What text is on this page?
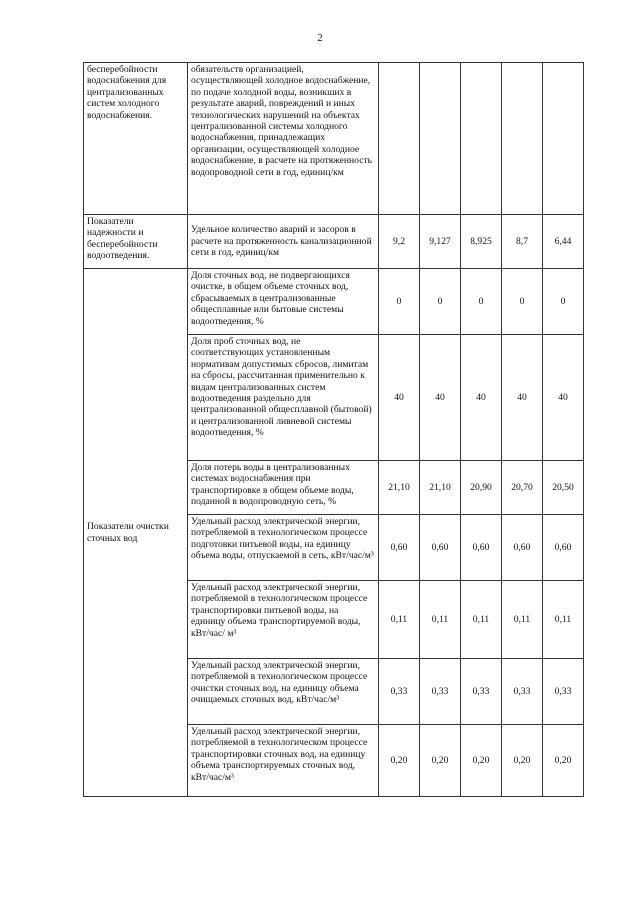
2
бесперебойности водоснабжения для централизованных систем холодного водоснабжения.	обязательств организацией, осуществляющей холодное водоснабжение, по подаче холодной воды, возникших в результате аварий, повреждений и иных технологических нарушений на объектах централизованной системы холодного водоснабжения, принадлежащих организации, осуществляющей холодное водоснабжение, в расчете на протяженность водопроводной сети в год, единиц/км					

Показатели надежности и бесперебойности водоотведения.	Удельное количество аварий и засоров в расчете на протяженность канализационной сети в год, единиц/км	9,2	9,127	8,925	8,7	6,44

Показатели очистки сточных вод	Доля сточных вод, не подвергающихся очистке, в общем объеме сточных вод, сбрасываемых в централизованные общесплавные или бытовые системы водоотведения, %	0	0	0	0	0
	Доля проб сточных вод, не соответствующих установленным нормативам допустимых сбросов, лимитам на сбросы, рассчитанная применительно к видам централизованных систем водоотведения раздельно для централизованной общесплавной (бытовой) и централизованной ливневой системы водоотведения, %	40	40	40	40	40
	Доля потерь воды в централизованных системах водоснабжения при транспортировке в общем объеме воды, поданной в водопроводную сеть, %	21,10	21,10	20,90	20,70	20,50
	Удельный расход электрической энергии, потребляемой в технологическом процессе подготовки питьевой воды, на единицу объема воды, отпускаемой в сеть, кВт/час/м³	0,60	0,60	0,60	0,60	0,60
	Удельный расход электрической энергии, потребляемой в технологическом процессе транспортировки питьевой воды, на единицу объема транспортируемой воды, кВт/час/ м³	0,11	0,11	0,11	0,11	0,11
	Удельный расход электрической энергии, потребляемой в технологическом процессе очистки сточных вод, на единицу объема очищаемых сточных вод, кВт/час/м³	0,33	0,33	0,33	0,33	0,33
	Удельный расход электрической энергии, потребляемой в технологическом процессе транспортировки сточных вод, на единицу объема транспортируемых сточных вод, кВт/час/м³	0,20	0,20	0,20	0,20	0,20
